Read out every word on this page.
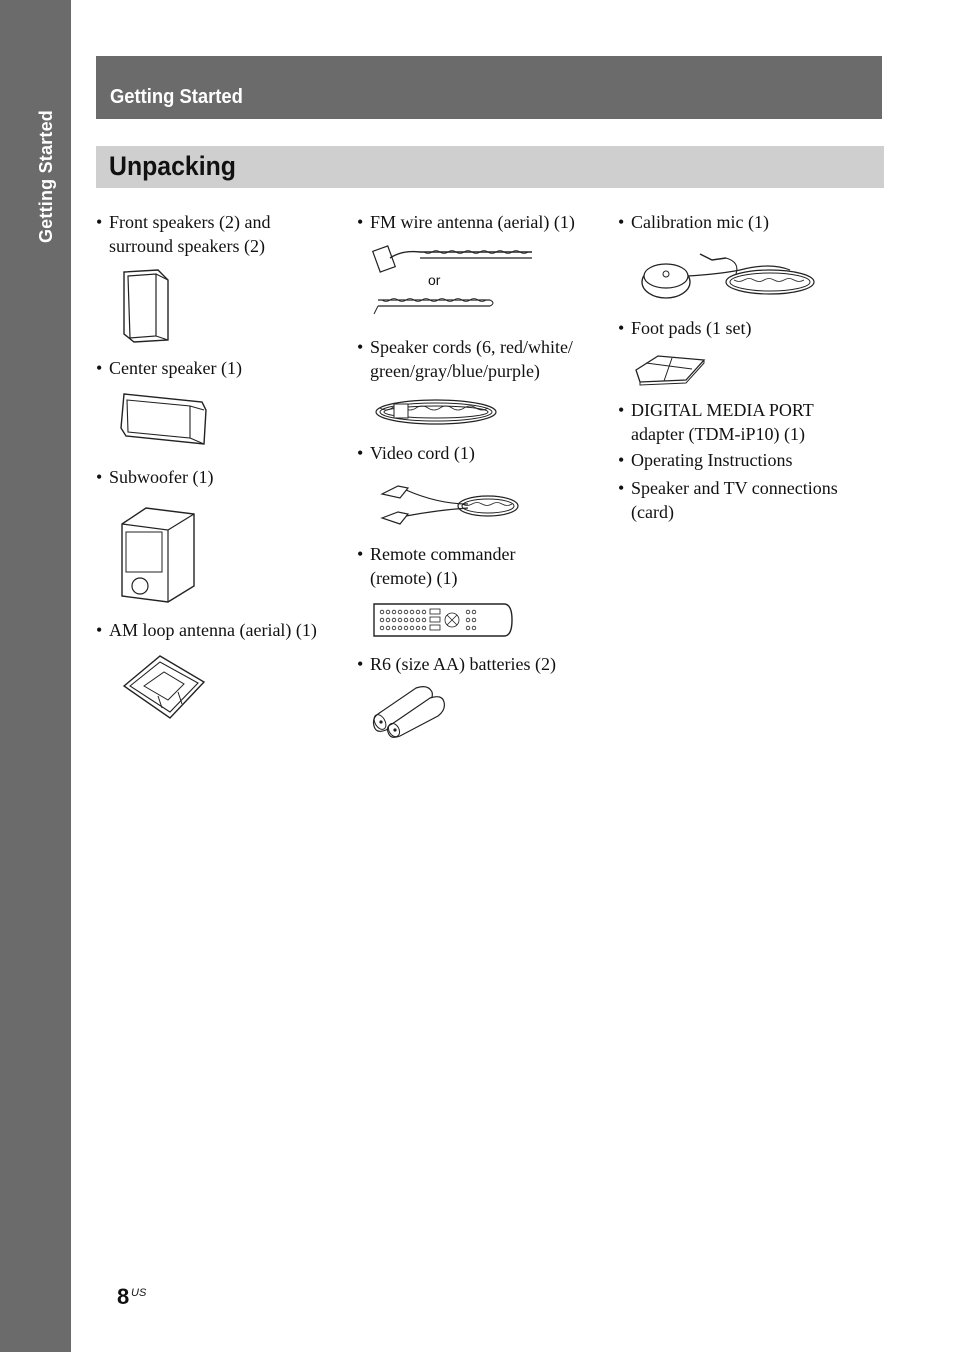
Getting Started
Getting Started
Unpacking
• Front speakers (2) and
surround speakers (2)
• Center speaker (1)
• Subwoofer (1)
• AM loop antenna (aerial) (1)
• FM wire antenna (aerial) (1)
or
• Speaker cords (6, red/white/
green/gray/blue/purple)
• Video cord (1)
• Remote commander
(remote) (1)
• R6 (size AA) batteries (2)
• Calibration mic (1)
• Foot pads (1 set)
• DIGITAL MEDIA PORT
adapter (TDM-iP10) (1)
• Operating Instructions
• Speaker and TV connections
(card)
8 US
